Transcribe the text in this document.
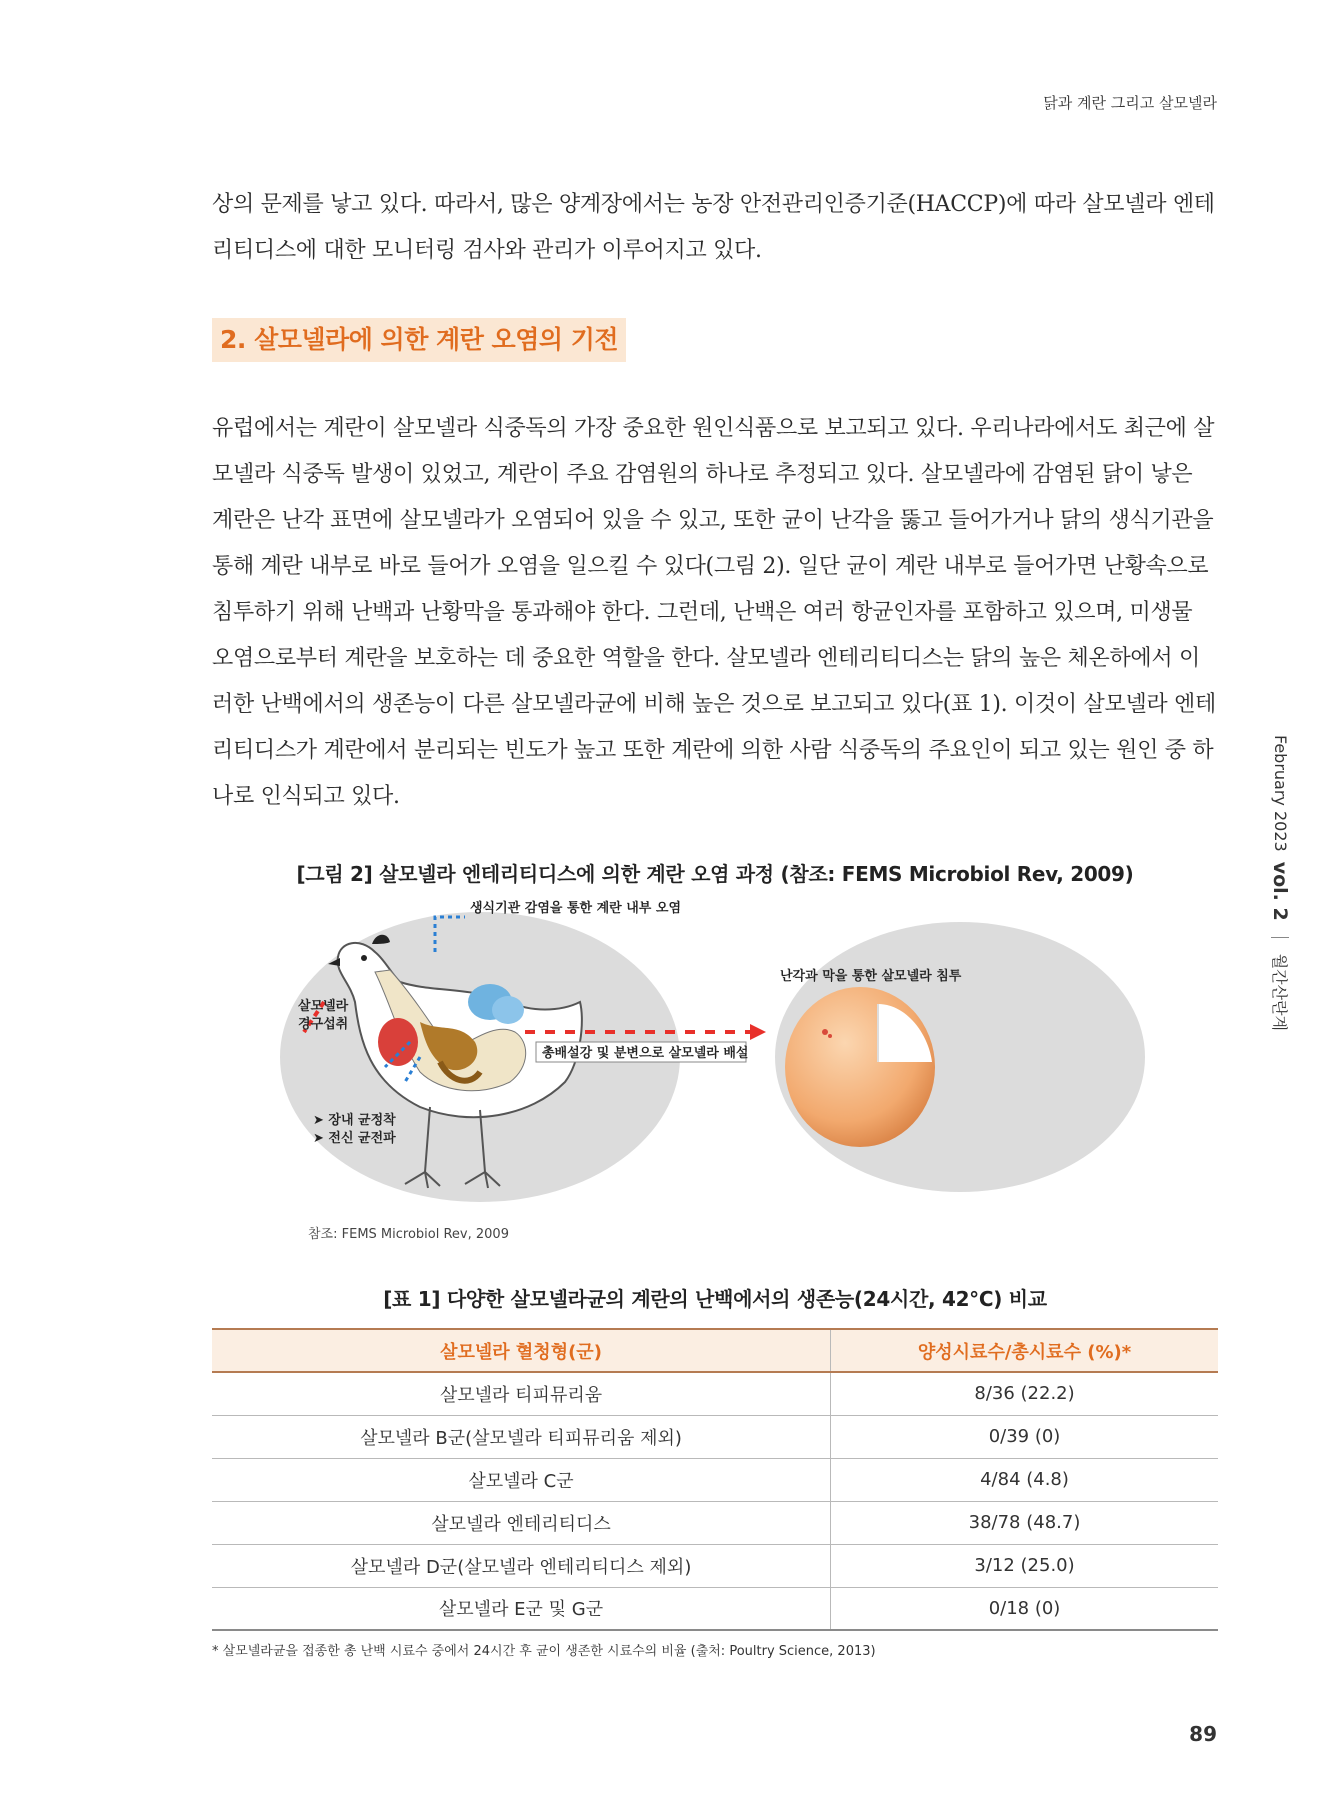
닭과 계란 그리고 살모넬라

상의 문제를 낳고 있다. 따라서, 많은 양계장에서는 농장 안전관리인증기준(HACCP)에 따라 살모넬라 엔테리티디스에 대한 모니터링 검사와 관리가 이루어지고 있다.

2. 살모넬라에 의한 계란 오염의 기전

유럽에서는 계란이 살모넬라 식중독의 가장 중요한 원인식품으로 보고되고 있다. 우리나라에서도 최근에 살모넬라 식중독 발생이 있었고, 계란이 주요 감염원의 하나로 추정되고 있다. 살모넬라에 감염된 닭이 낳은 계란은 난각 표면에 살모넬라가 오염되어 있을 수 있고, 또한 균이 난각을 뚫고 들어가거나 닭의 생식기관을 통해 계란 내부로 바로 들어가 오염을 일으킬 수 있다(그림 2). 일단 균이 계란 내부로 들어가면 난황속으로 침투하기 위해 난백과 난황막을 통과해야 한다. 그런데, 난백은 여러 항균인자를 포함하고 있으며, 미생물 오염으로부터 계란을 보호하는 데 중요한 역할을 한다. 살모넬라 엔테리티디스는 닭의 높은 체온하에서 이러한 난백에서의 생존능이 다른 살모넬라균에 비해 높은 것으로 보고되고 있다(표 1). 이것이 살모넬라 엔테리티디스가 계란에서 분리되는 빈도가 높고 또한 계란에 의한 사람 식중독의 주요인이 되고 있는 원인 중 하나로 인식되고 있다.	February 2023
vol. 2
월간산란계
[그림 2] 살모넬라 엔테리티디스에 의한 계란 오염 과정 (참조: FEMS Microbiol Rev, 2009)
생식기관 감염을 통한 계란 내부 오염
살모넬라
경구섭취
➤ 장내 균정착
➤ 전신 균전파
총배설강 및 분변으로 살모넬라 배설
난각과 막을 통한 살모넬라 침투
참조: FEMS Microbiol Rev, 2009
[표 1] 다양한 살모넬라균의 계란의 난백에서의 생존능(24시간, 42°C) 비교
살모넬라 혈청형(군)	양성시료수/총시료수 (%)*
살모넬라 티피뮤리움	8/36 (22.2)
살모넬라 B군(살모넬라 티피뮤리움 제외)	0/39 (0)
살모넬라 C군	4/84 (4.8)
살모넬라 엔테리티디스	38/78 (48.7)
살모넬라 D군(살모넬라 엔테리티디스 제외)	3/12 (25.0)
살모넬라 E군 및 G군	0/18 (0)
* 살모넬라균을 접종한 총 난백 시료수 중에서 24시간 후 균이 생존한 시료수의 비율 (출처: Poultry Science, 2013)
89
